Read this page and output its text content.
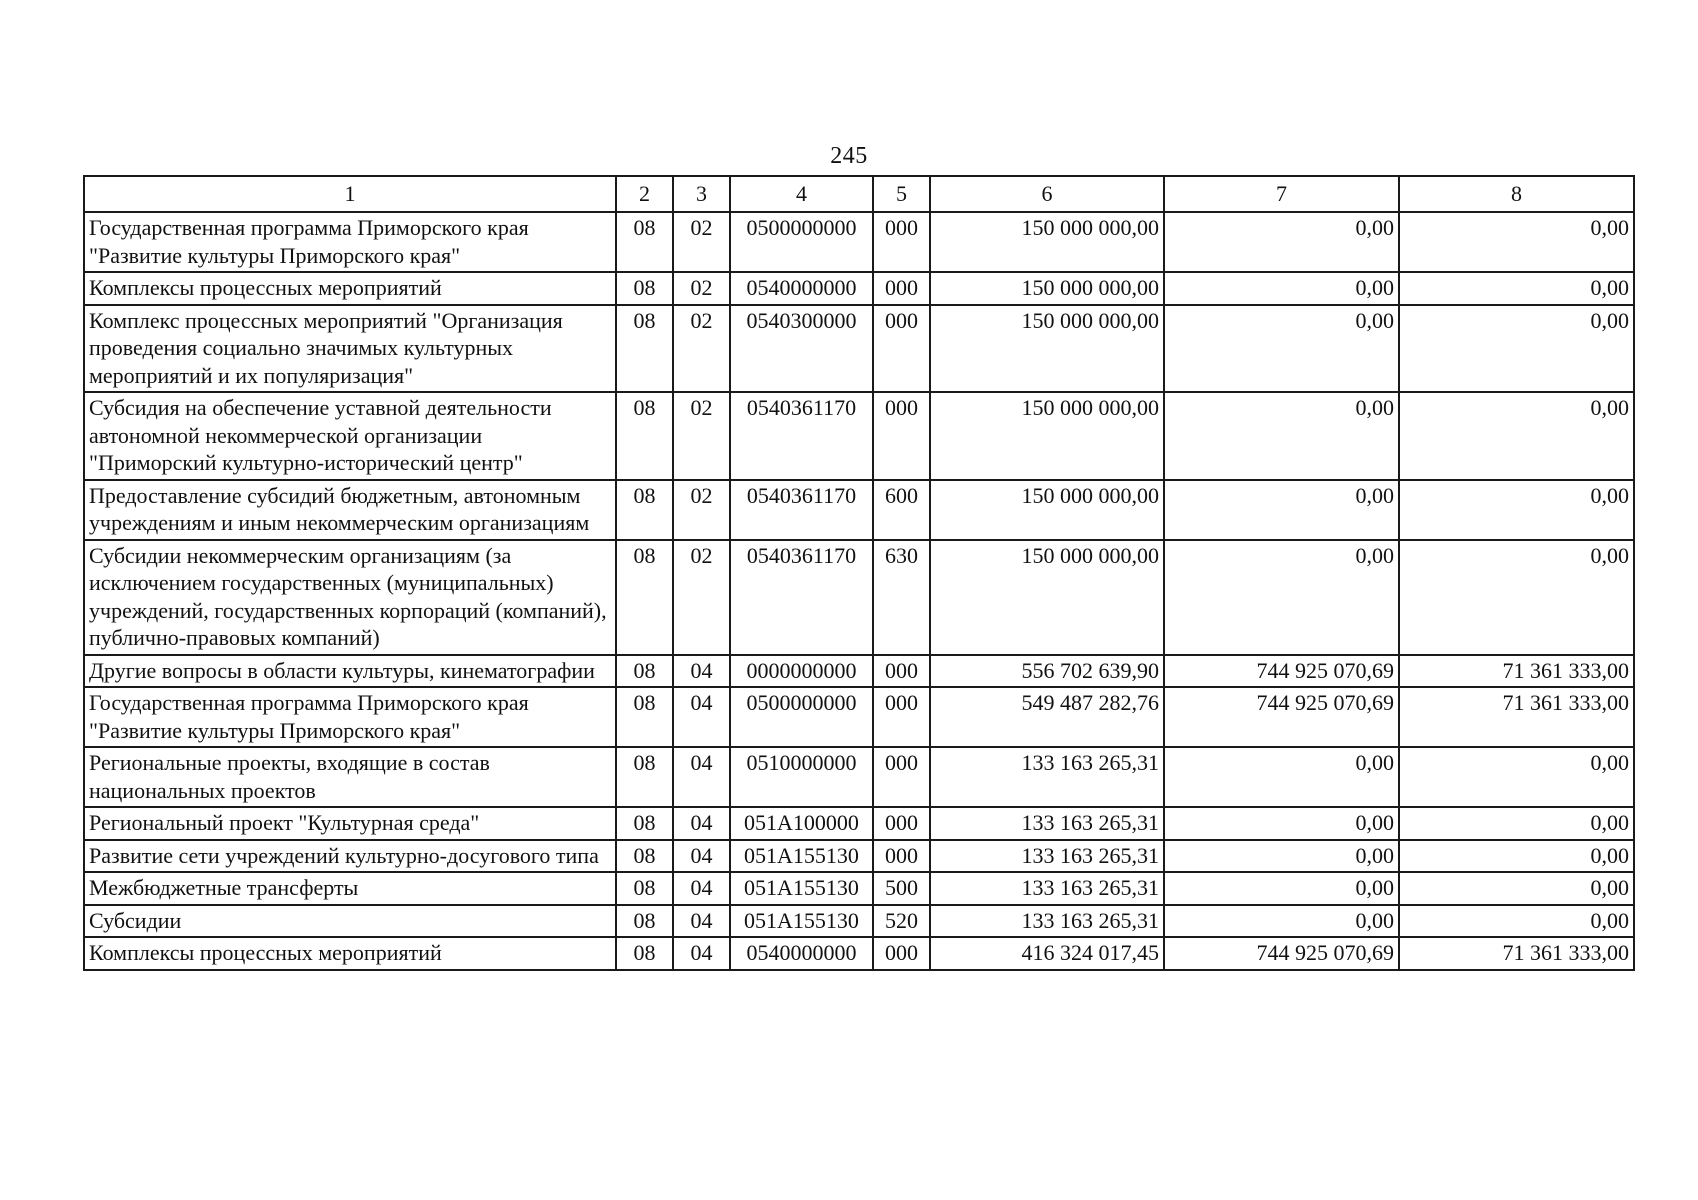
245
1	2	3	4	5	6	7	8
Государственная программа Приморского края "Развитие культуры Приморского края"	08	02	0500000000	000	150 000 000,00	0,00	0,00
Комплексы процессных мероприятий	08	02	0540000000	000	150 000 000,00	0,00	0,00
Комплекс процессных мероприятий "Организация проведения социально значимых культурных мероприятий и их популяризация"	08	02	0540300000	000	150 000 000,00	0,00	0,00
Субсидия на обеспечение уставной деятельности автономной некоммерческой организации "Приморский культурно-исторический центр"	08	02	0540361170	000	150 000 000,00	0,00	0,00
Предоставление субсидий бюджетным, автономным учреждениям и иным некоммерческим организациям	08	02	0540361170	600	150 000 000,00	0,00	0,00
Субсидии некоммерческим организациям (за исключением государственных (муниципальных) учреждений, государственных корпораций (компаний), публично-правовых компаний)	08	02	0540361170	630	150 000 000,00	0,00	0,00
Другие вопросы в области культуры, кинематографии	08	04	0000000000	000	556 702 639,90	744 925 070,69	71 361 333,00
Государственная программа Приморского края "Развитие культуры Приморского края"	08	04	0500000000	000	549 487 282,76	744 925 070,69	71 361 333,00
Региональные проекты, входящие в состав национальных проектов	08	04	0510000000	000	133 163 265,31	0,00	0,00
Региональный проект "Культурная среда"	08	04	051A100000	000	133 163 265,31	0,00	0,00
Развитие сети учреждений культурно-досугового типа	08	04	051A155130	000	133 163 265,31	0,00	0,00
Межбюджетные трансферты	08	04	051A155130	500	133 163 265,31	0,00	0,00
Субсидии	08	04	051A155130	520	133 163 265,31	0,00	0,00
Комплексы процессных мероприятий	08	04	0540000000	000	416 324 017,45	744 925 070,69	71 361 333,00
